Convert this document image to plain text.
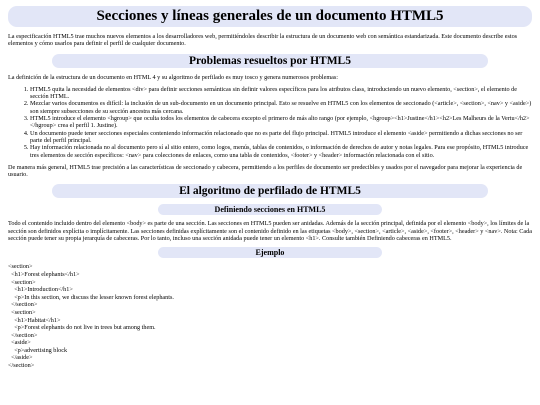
Secciones y líneas generales de un documento HTML5

La especificación HTML5 trae muchos nuevos elementos a los desarrolladores web, permitiéndoles describir la estructura de un documento web con semántica estandarizada. Este documento describe estos elementos y cómo usarlos para definir el perfil de cualquier documento.

Problemas resueltos por HTML5

La definición de la estructura de un documento en HTML 4 y su algoritmo de perfilado es muy tosco y genera numerosos problemas:

1. HTML5 quita la necesidad de elementos <div> para definir secciones semánticas sin definir valores específicos para los atributos class, introduciendo un nuevo elemento, <section>, el elemento de sección HTML.
2. Mezclar varios documentos es difícil: la inclusión de un sub-documento en un documento principal. Esto se resuelve en HTML5 con los elementos de seccionado (<article>, <section>, <nav> y <aside>) son siempre subsecciones de su sección ancestra más cercana.
3. HTML5 introduce el elemento <hgroup> que oculta todos los elementos de cabecera excepto el primero de más alto rango (por ejemplo, <hgroup><h1>Justine</h1><h2>Les Malheurs de la Vertu</h2></hgroup> crea el perfil 1. Justine).
4. Un documento puede tener secciones especiales conteniendo información relacionado que no es parte del flujo principal. HTML5 introduce el elemento <aside> permitiendo a dichas secciones no ser parte del perfil principal.
5. Hay información relacionada no al documento pero sí al sitio entero, como logos, menús, tablas de contenidos, o información de derechos de autor y notas legales. Para ese propósito, HTML5 introduce tres elementos de sección específicos: <nav> para colecciones de enlaces, como una tabla de contenidos, <footer> y <header> información relacionada con el sitio.

De manera más general, HTML5 trae precisión a las características de seccionado y cabecera, permitiendo a los perfiles de documento ser predecibles y usados por el navegador para mejorar la experiencia de usuario.

El algoritmo de perfilado de HTML5
Definiendo secciones en HTML5

Todo el contenido incluido dentro del elemento <body> es parte de una sección. Las secciones en HTML5 pueden ser anidadas. Además de la sección principal, definida por el elemento <body>, los límites de la sección son definidos explícita o implícitamente. Las secciones definidas explícitamente son el contenido definido en las etiquetas <body>, <section>, <article>, <aside>, <footer>, <header> y <nav>. Nota: Cada sección puede tener su propia jerarquía de cabeceras. Por lo tanto, incluso una sección anidada puede tener un elemento <h1>. Consulte también Definiendo cabeceras en HTML5.

Ejemplo
<section>
<h1>Forest elephants</h1>
<section>
<h1>Introduction</h1>
<p>In this section, we discuss the lesser known forest elephants.
</section>
<section>
<h1>Habitat</h1>
<p>Forest elephants do not live in trees but among them.
</section>
<aside>
<p>advertising block
</aside>
</section>
